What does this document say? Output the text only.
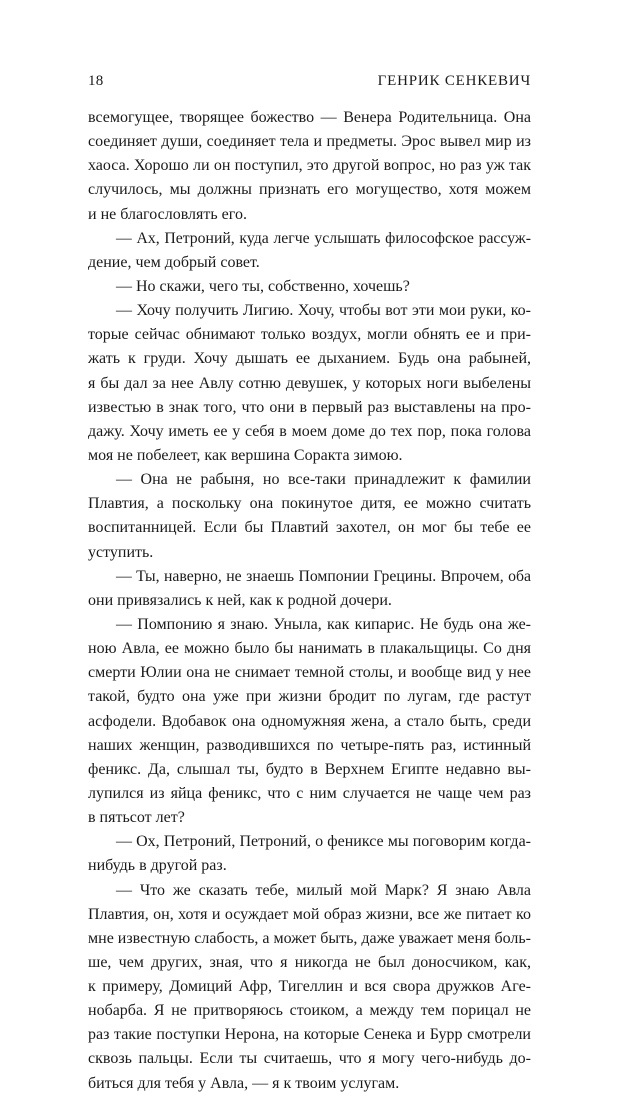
18	ГЕНРИК СЕНКЕВИЧ
всемогущее, творящее божество — Венера Родительница. Она
соединяет души, соединяет тела и предметы. Эрос вывел мир из
хаоса. Хорошо ли он поступил, это другой вопрос, но раз уж так
случилось, мы должны признать его могущество, хотя можем
и не благословлять его.
— Ах, Петроний, куда легче услышать философское рассуж-
дение, чем добрый совет.
— Но скажи, чего ты, собственно, хочешь?
— Хочу получить Лигию. Хочу, чтобы вот эти мои руки, ко-
торые сейчас обнимают только воздух, могли обнять ее и при-
жать к груди. Хочу дышать ее дыханием. Будь она рабыней,
я бы дал за нее Авлу сотню девушек, у которых ноги выбелены
известью в знак того, что они в первый раз выставлены на про-
дажу. Хочу иметь ее у себя в моем доме до тех пор, пока голова
моя не побелеет, как вершина Соракта зимою.
— Она не рабыня, но все-таки принадлежит к фамилии
Плавтия, а поскольку она покинутое дитя, ее можно считать
воспитанницей. Если бы Плавтий захотел, он мог бы тебе ее
уступить.
— Ты, наверно, не знаешь Помпонии Грецины. Впрочем, оба
они привязались к ней, как к родной дочери.
— Помпонию я знаю. Уныла, как кипарис. Не будь она же-
ною Авла, ее можно было бы нанимать в плакальщицы. Со дня
смерти Юлии она не снимает темной столы, и вообще вид у нее
такой, будто она уже при жизни бродит по лугам, где растут
асфодели. Вдобавок она одномужняя жена, а стало быть, среди
наших женщин, разводившихся по четыре-пять раз, истинный
феникс. Да, слышал ты, будто в Верхнем Египте недавно вы-
лупился из яйца феникс, что с ним случается не чаще чем раз
в пятьсот лет?
— Ох, Петроний, Петроний, о фениксе мы поговорим когда-
нибудь в другой раз.
— Что же сказать тебе, милый мой Марк? Я знаю Авла
Плавтия, он, хотя и осуждает мой образ жизни, все же питает ко
мне известную слабость, а может быть, даже уважает меня боль-
ше, чем других, зная, что я никогда не был доносчиком, как,
к примеру, Домиций Афр, Тигеллин и вся свора дружков Аге-
нобарба. Я не притворяюсь стоиком, а между тем порицал не
раз такие поступки Нерона, на которые Сенека и Бурр смотрели
сквозь пальцы. Если ты считаешь, что я могу чего-нибудь до-
биться для тебя у Авла, — я к твоим услугам.
